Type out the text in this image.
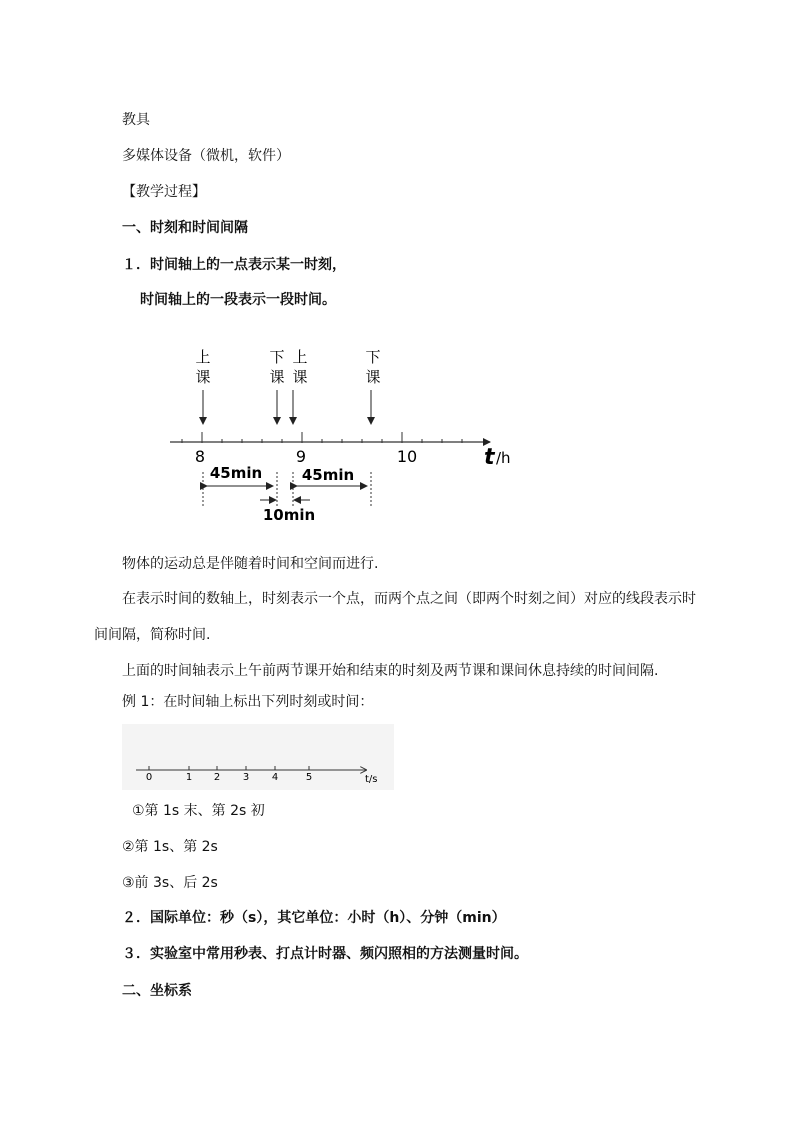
教具
多媒体设备（微机，软件）
【教学过程】
一、时刻和时间间隔
１．时间轴上的一点表示某一时刻，
时间轴上的一段表示一段时间。
上
课
下
课
上
课
下
课
8	9	10	t /h
45min	45min
10min
物体的运动总是伴随着时间和空间而进行.
在表示时间的数轴上，时刻表示一个点，而两个点之间（即两个时刻之间）对应的线段表示时
间间隔，简称时间.
上面的时间轴表示上午前两节课开始和结束的时刻及两节课和课间休息持续的时间间隔.
例 1：在时间轴上标出下列时刻或时间：
0	1 2 3 4	5	t/s
①第 1s 末、第 2s 初
②第 1s、第 2s
③前 3s、后 2s
２．国际单位：秒（s），其它单位：小时（h）、分钟（min）
３．实验室中常用秒表、打点计时器、频闪照相的方法测量时间。
二、坐标系
